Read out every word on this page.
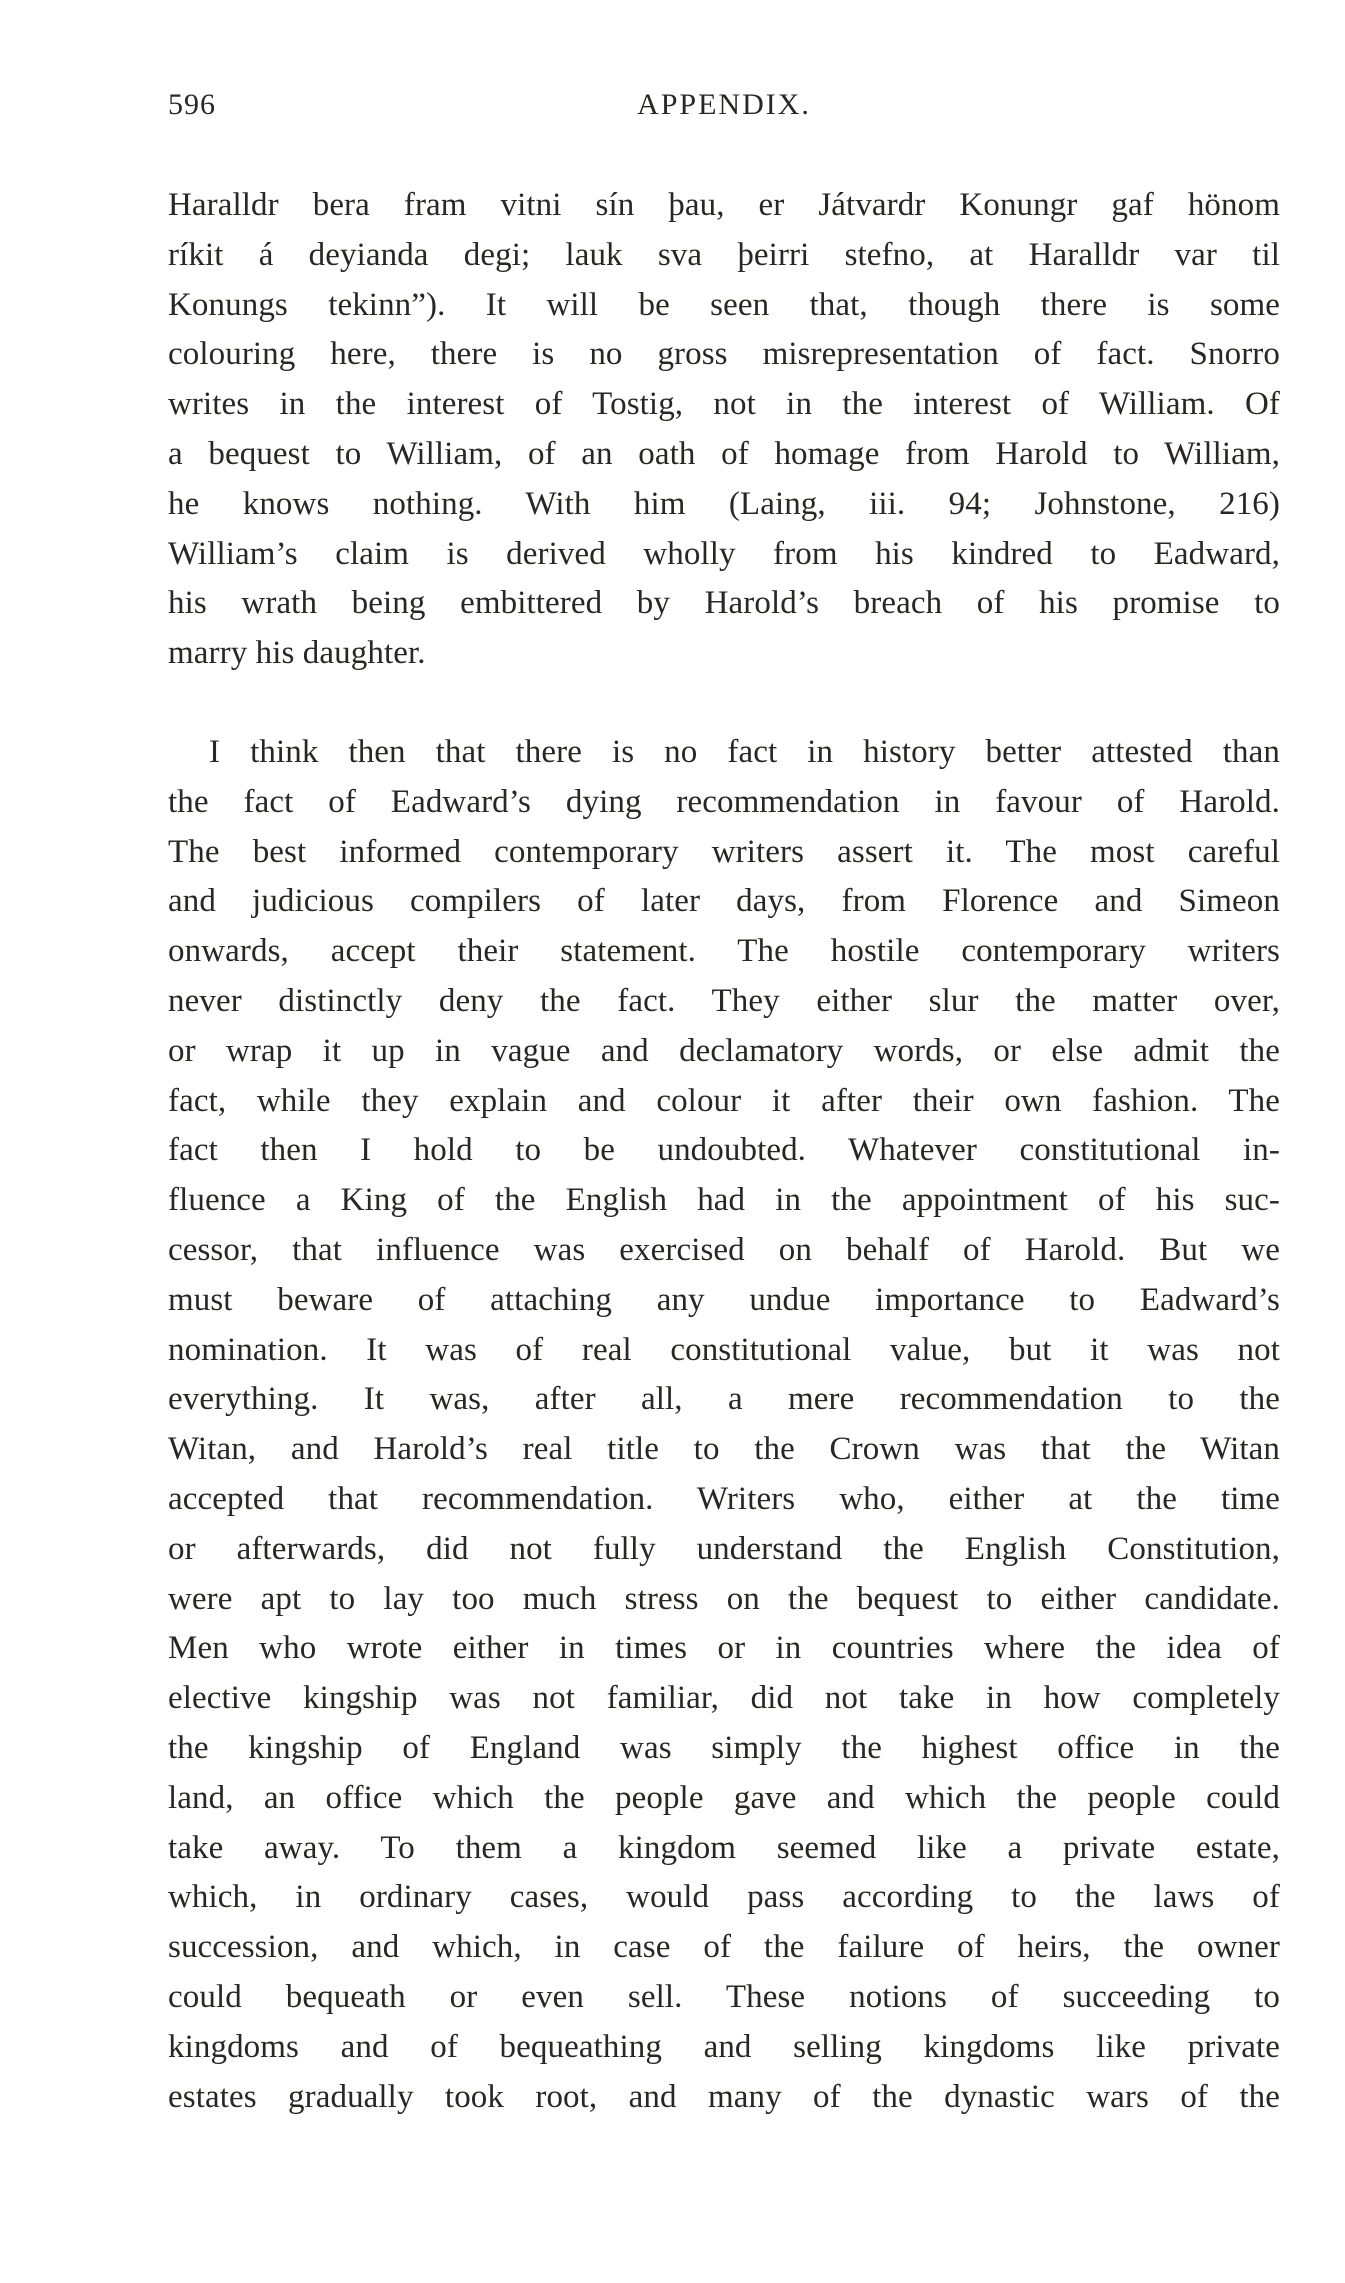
596	APPENDIX.
Haralldr bera fram vitni sín þau, er Játvardr Konungr gaf hönom
ríkit á deyianda degi; lauk sva þeirri stefno, at Haralldr var til
Konungs tekinn”). It will be seen that, though there is some
colouring here, there is no gross misrepresentation of fact. Snorro
writes in the interest of Tostig, not in the interest of William. Of
a bequest to William, of an oath of homage from Harold to William,
he knows nothing. With him (Laing, iii. 94; Johnstone, 216)
William’s claim is derived wholly from his kindred to Eadward,
his wrath being embittered by Harold’s breach of his promise to
marry his daughter.
I think then that there is no fact in history better attested than
the fact of Eadward’s dying recommendation in favour of Harold.
The best informed contemporary writers assert it. The most careful
and judicious compilers of later days, from Florence and Simeon
onwards, accept their statement. The hostile contemporary writers
never distinctly deny the fact. They either slur the matter over,
or wrap it up in vague and declamatory words, or else admit the
fact, while they explain and colour it after their own fashion. The
fact then I hold to be undoubted. Whatever constitutional in-
fluence a King of the English had in the appointment of his suc-
cessor, that influence was exercised on behalf of Harold. But we
must beware of attaching any undue importance to Eadward’s
nomination. It was of real constitutional value, but it was not
everything. It was, after all, a mere recommendation to the
Witan, and Harold’s real title to the Crown was that the Witan
accepted that recommendation. Writers who, either at the time
or afterwards, did not fully understand the English Constitution,
were apt to lay too much stress on the bequest to either candidate.
Men who wrote either in times or in countries where the idea of
elective kingship was not familiar, did not take in how completely
the kingship of England was simply the highest office in the
land, an office which the people gave and which the people could
take away. To them a kingdom seemed like a private estate,
which, in ordinary cases, would pass according to the laws of
succession, and which, in case of the failure of heirs, the owner
could bequeath or even sell. These notions of succeeding to
kingdoms and of bequeathing and selling kingdoms like private
estates gradually took root, and many of the dynastic wars of the
